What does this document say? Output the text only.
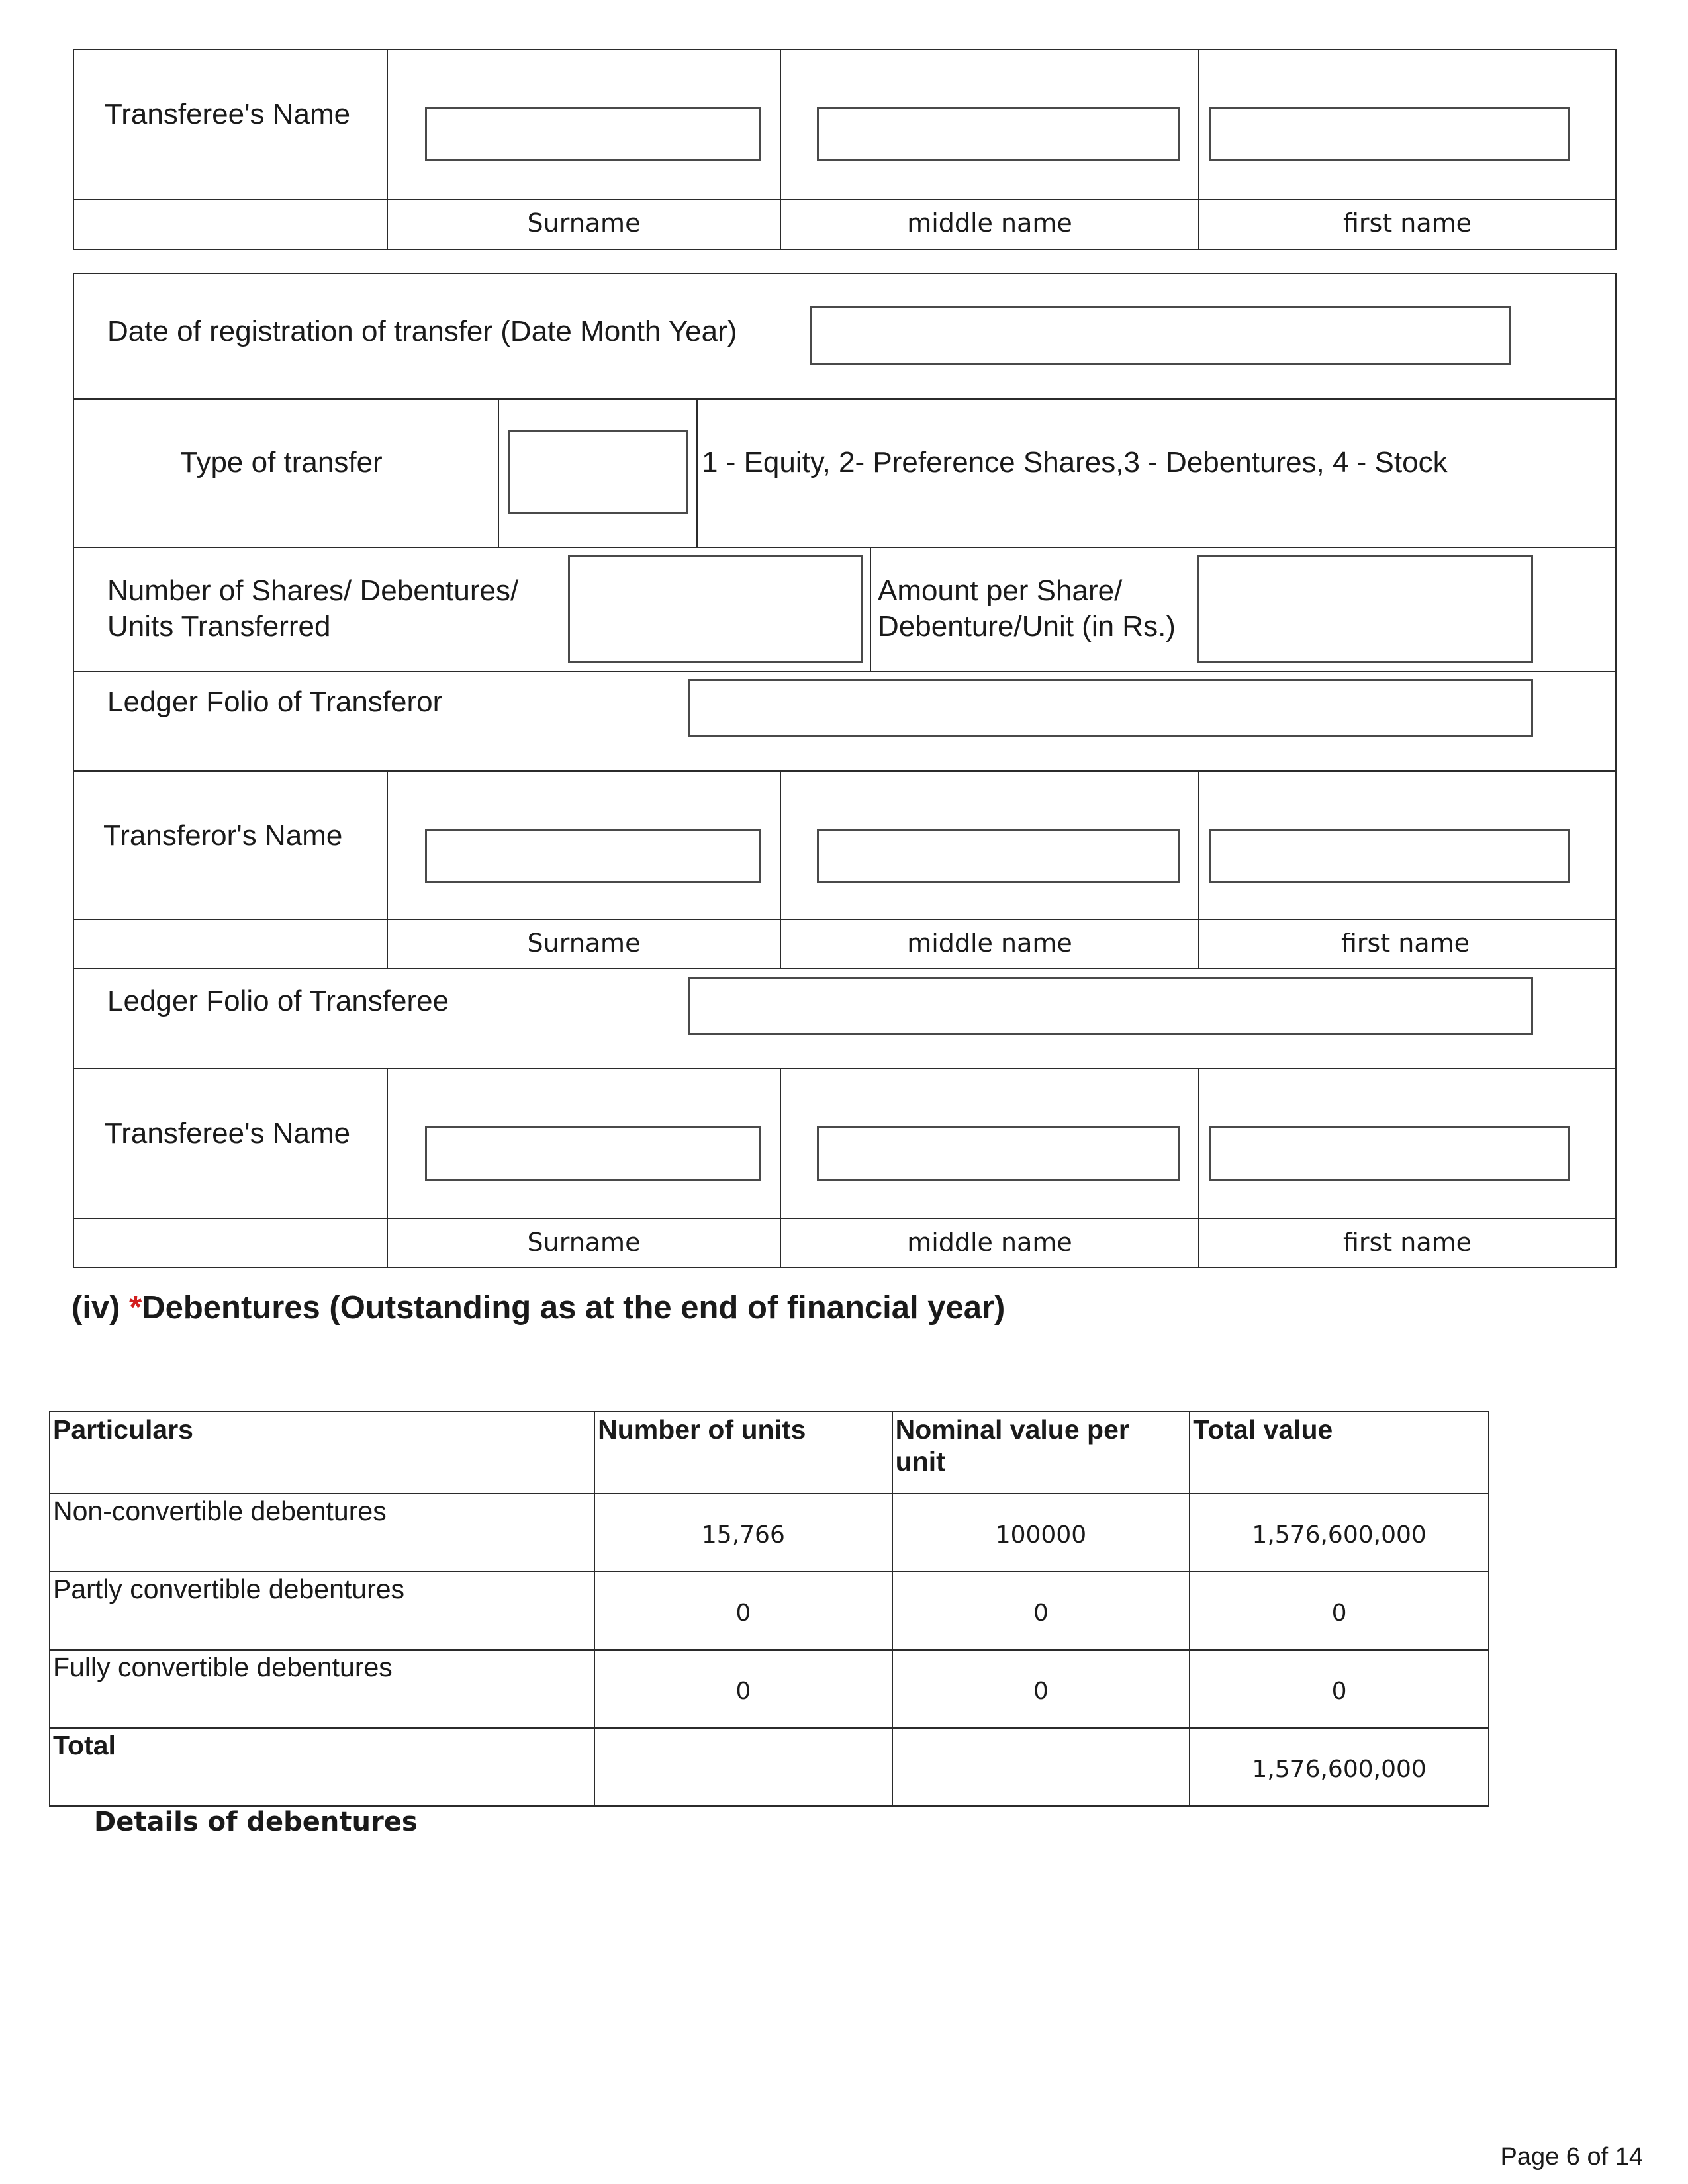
Transferee's Name
Surname	middle name	first name
Date of registration of transfer (Date Month Year)
Type of transfer	1 - Equity, 2- Preference Shares,3 - Debentures, 4 - Stock
Number of Shares/ Debentures/
Units Transferred
Amount per Share/
Debenture/Unit (in Rs.)
Ledger Folio of Transferor
Transferor's Name
Surname	middle name	first name
Ledger Folio of Transferee
Transferee's Name
Surname	middle name	first name
(iv) *Debentures (Outstanding as at the end of financial year)
Particulars	Number of units	Nominal value per unit	Total value
Non-convertible debentures	15,766	100000	1,576,600,000
Partly convertible debentures	0	0	0
Fully convertible debentures	0	0	0
Total			1,576,600,000
Details of debentures
Page 6 of 14
